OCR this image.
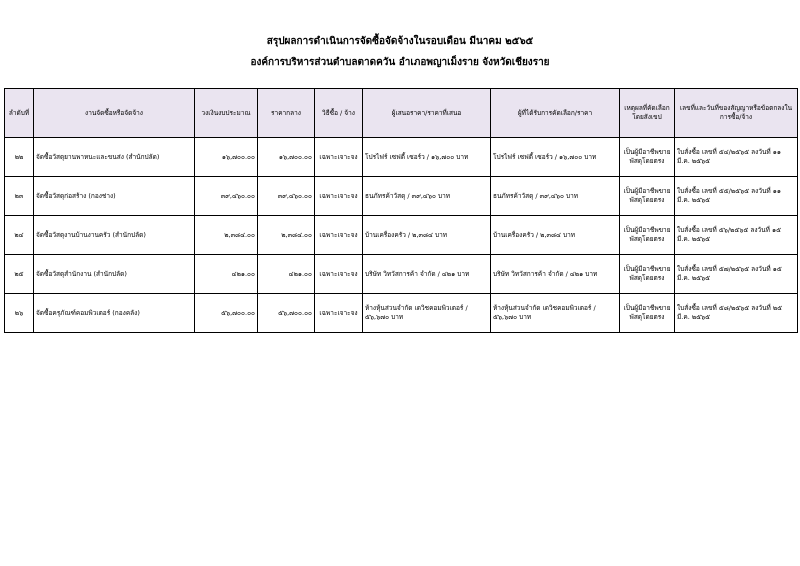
สรุปผลการดำเนินการจัดซื้อจัดจ้างในรอบเดือน มีนาคม ๒๕๖๕
องค์การบริหารส่วนตำบลตาดควัน อำเภอพญาเม็งราย จังหวัดเชียงราย
ลำดับที่	งานจัดซื้อหรือจัดจ้าง	วงเงินงบประมาณ	ราคากลาง	วิธีซื้อ / จ้าง	ผู้เสนอราคา/ราคาที่เสนอ	ผู้ที่ได้รับการคัดเลือก/ราคา	เหตุผลที่คัดเลือกโดยสังเขป	เลขที่และวันที่ของสัญญาหรือข้อตกลงในการซื้อ/จ้าง
๒๒	จัดซื้อวัสดุยานพาหนะและขนส่ง (สำนักปลัด)	๑๖,๗๐๐.๐๐	๑๖,๗๐๐.๐๐	เฉพาะเจาะจง	โปรไฟร์ เซฟตี้ เซอร์ว / ๑๖,๗๐๐ บาท	โปรไฟร์ เซฟตี้ เซอร์ว / ๑๖,๗๐๐ บาท	เป็นผู้มีอาชีพขายพัสดุโดยตรง	ใบสั่งซื้อ เลขที่ ๕๔/๒๕๖๕ ลงวันที่ ๑๑ มี.ค. ๒๕๖๕
๒๓	จัดซื้อวัสดุก่อสร้าง (กองช่าง)	๓๙,๔๖๐.๐๐	๓๙,๔๖๐.๐๐	เฉพาะเจาะจง	ธนภัทรค้าวัสดุ / ๓๙,๔๖๐ บาท	ธนภัทรค้าวัสดุ / ๓๙,๔๖๐ บาท	เป็นผู้มีอาชีพขายพัสดุโดยตรง	ใบสั่งซื้อ เลขที่ ๕๕/๒๕๖๕ ลงวันที่ ๑๑ มี.ค. ๒๕๖๕
๒๔	จัดซื้อวัสดุงานบ้านงานครัว (สำนักปลัด)	๒,๓๘๔.๐๐	๒,๓๘๔.๐๐	เฉพาะเจาะจง	บ้านเครื่องครัว / ๒,๓๘๔ บาท	บ้านเครื่องครัว / ๒,๓๘๔ บาท	เป็นผู้มีอาชีพขายพัสดุโดยตรง	ใบสั่งซื้อ เลขที่ ๕๖/๒๕๖๕ ลงวันที่ ๑๕ มี.ค. ๒๕๖๕
๒๕	จัดซื้อวัสดุสำนักงาน (สำนักปลัด)	๔๒๑.๐๐	๔๒๑.๐๐	เฉพาะเจาะจง	บริษัท วิทวัสการค้า จำกัด / ๔๒๑ บาท	บริษัท วิทวัสการค้า จำกัด / ๔๒๑ บาท	เป็นผู้มีอาชีพขายพัสดุโดยตรง	ใบสั่งซื้อ เลขที่ ๕๗/๒๕๖๕ ลงวันที่ ๑๕ มี.ค. ๒๕๖๕
๒๖	จัดซื้อครุภัณฑ์คอมพิวเตอร์ (กองคลัง)	๕๖,๗๐๐.๐๐	๕๖,๗๐๐.๐๐	เฉพาะเจาะจง	ห้างหุ้นส่วนจำกัด เดวิชคอมพิวเตอร์ / ๕๖,๖๗๐ บาท	ห้างหุ้นส่วนจำกัด เดวิชคอมพิวเตอร์ / ๕๖,๖๗๐ บาท	เป็นผู้มีอาชีพขายพัสดุโดยตรง	ใบสั่งซื้อ เลขที่ ๕๘/๒๕๖๕ ลงวันที่ ๒๕ มี.ค. ๒๕๖๕
